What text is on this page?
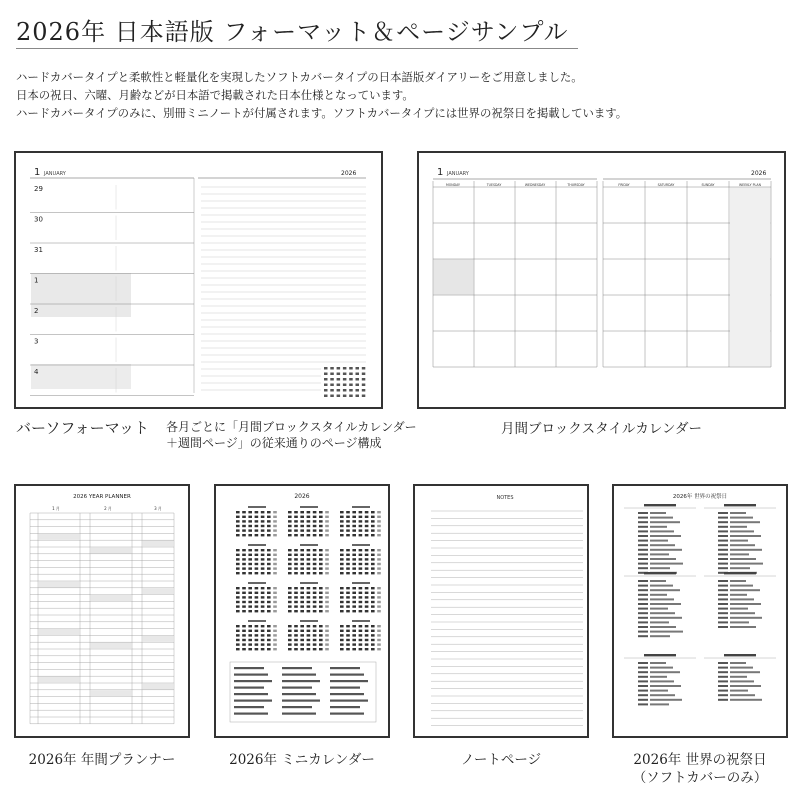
2026年 日本語版 フォーマット＆ページサンプル
ハードカバータイプと柔軟性と軽量化を実現したソフトカバータイプの日本語版ダイアリーをご用意しました。
日本の祝日、六曜、月齢などが日本語で掲載された日本仕様となっています。
ハードカバータイプのみに、別冊ミニノートが付属されます。ソフトカバータイプには世界の祝祭日を掲載しています。
1 JANUARY
29
30
31
1
2
3
4
2026
バーソフォーマット 各月ごとに「月間ブロックスタイルカレンダー
＋週間ページ」の従来通りのページ構成
1 JANUARY	2026
MONDAY	TUESDAY	WEDNESDAY	THURSDAY	FRIDAY	SATURDAY	SUNDAY	WEEKLY PLAN
月間ブロックスタイルカレンダー
2026 YEAR PLANNER
1 月	2 月	3 月
2026年 年間プランナー
2026
2026年 ミニカレンダー
NOTES
ノートページ
2026年 世界の祝祭日
2026年 世界の祝祭日
（ソフトカバーのみ）
